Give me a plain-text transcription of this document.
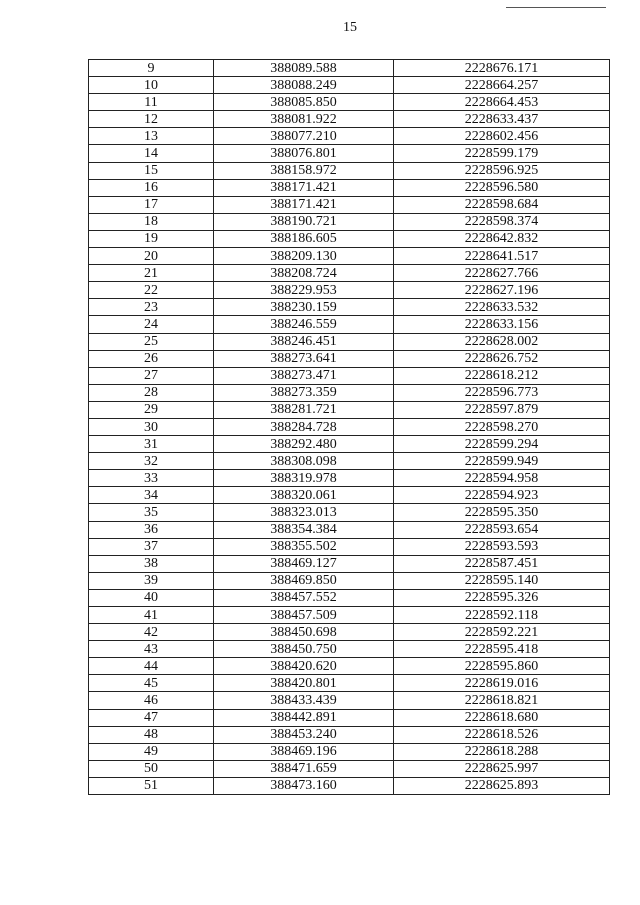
15
9	388089.588	2228676.171
10	388088.249	2228664.257
11	388085.850	2228664.453
12	388081.922	2228633.437
13	388077.210	2228602.456
14	388076.801	2228599.179
15	388158.972	2228596.925
16	388171.421	2228596.580
17	388171.421	2228598.684
18	388190.721	2228598.374
19	388186.605	2228642.832
20	388209.130	2228641.517
21	388208.724	2228627.766
22	388229.953	2228627.196
23	388230.159	2228633.532
24	388246.559	2228633.156
25	388246.451	2228628.002
26	388273.641	2228626.752
27	388273.471	2228618.212
28	388273.359	2228596.773
29	388281.721	2228597.879
30	388284.728	2228598.270
31	388292.480	2228599.294
32	388308.098	2228599.949
33	388319.978	2228594.958
34	388320.061	2228594.923
35	388323.013	2228595.350
36	388354.384	2228593.654
37	388355.502	2228593.593
38	388469.127	2228587.451
39	388469.850	2228595.140
40	388457.552	2228595.326
41	388457.509	2228592.118
42	388450.698	2228592.221
43	388450.750	2228595.418
44	388420.620	2228595.860
45	388420.801	2228619.016
46	388433.439	2228618.821
47	388442.891	2228618.680
48	388453.240	2228618.526
49	388469.196	2228618.288
50	388471.659	2228625.997
51	388473.160	2228625.893
